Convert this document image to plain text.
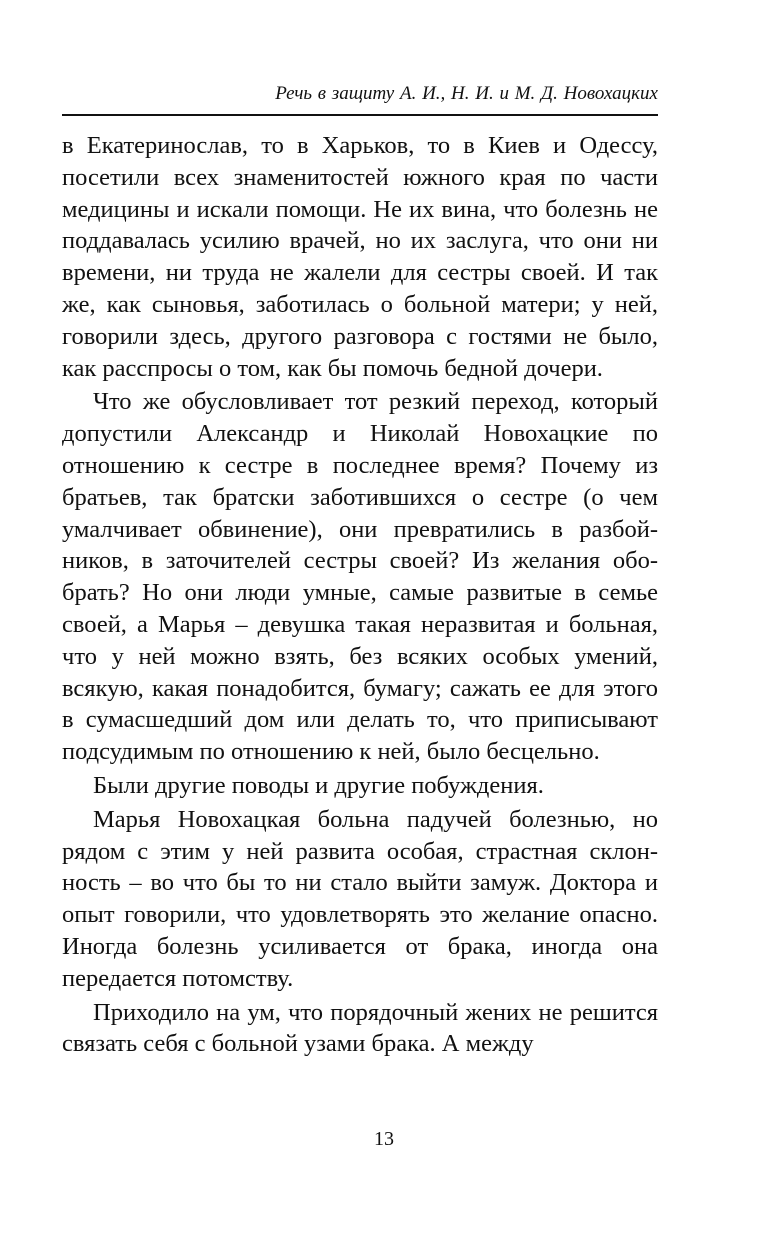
Речь в защиту А. И., Н. И. и М. Д. Новохацких

в Екатеринослав, то в Харьков, то в Киев и Одессу, посетили всех знаменитостей южного края по части медицины и искали помощи. Не их вина, что болезнь не поддавалась усилию врачей, но их заслуга, что они ни времени, ни труда не жалели для сестры своей. И так же, как сыновья, заботилась о больной матери; у ней, говорили здесь, другого разговора с гостями не было, как расспросы о том, как бы помочь бедной дочери.

Что же обусловливает тот резкий переход, который допустили Александр и Николай Новохацкие по отношению к сестре в последнее время? Почему из братьев, так братски заботившихся о сестре (о чем умалчивает обвинение), они превратились в разбойников, в заточителей сестры своей? Из желания обобрать? Но они люди умные, самые развитые в семье своей, а Марья – девушка такая неразвитая и больная, что у ней можно взять, без всяких особых умений, всякую, какая понадобится, бумагу; сажать ее для этого в сумасшедший дом или делать то, что приписывают подсудимым по отношению к ней, было бесцельно.

Были другие поводы и другие побуждения.

Марья Новохацкая больна падучей болезнью, но рядом с этим у ней развита особая, страстная склонность – во что бы то ни стало выйти замуж. Доктора и опыт говорили, что удовлетворять это желание опасно. Иногда болезнь усиливается от брака, иногда она передается потомству.

Приходило на ум, что порядочный жених не решится связать себя с больной узами брака. А между

13
